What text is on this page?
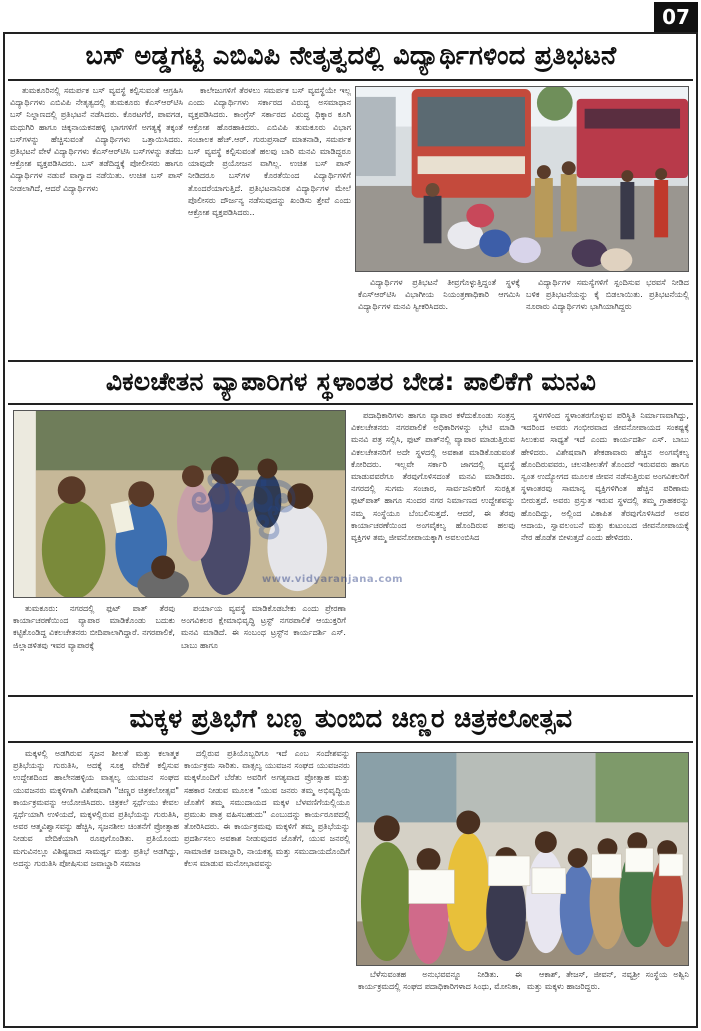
07
ಬಸ್ ಅಡ್ಡಗಟ್ಟಿ ಎಬಿವಿಪಿ ನೇತೃತ್ವದಲ್ಲಿ ವಿದ್ಯಾರ್ಥಿಗಳಿಂದ ಪ್ರತಿಭಟನೆ

ತುಮಕೂರಿನಲ್ಲಿ ಸಮರ್ಪಕ ಬಸ್ ವ್ಯವಸ್ಥೆ ಕಲ್ಪಿಸುವಂತೆ ಆಗ್ರಹಿಸಿ ವಿದ್ಯಾರ್ಥಿಗಳು ಎಬಿವಿಪಿ ನೇತೃತ್ವದಲ್ಲಿ ತುಮಕೂರು ಕೆಎಸ್‌ಆರ್‌ಟಿಸಿ ಬಸ್ ನಿಲ್ದಾಣದಲ್ಲಿ ಪ್ರತಿಭಟನೆ ನಡೆಸಿದರು. ಕೊರಟಗೆರೆ, ಪಾವಗಡ, ಮಧುಗಿರಿ ಹಾಗೂ ಚಿಕ್ಕನಾಯಕನಹಳ್ಳಿ ಭಾಗಗಳಿಗೆ ಅಗತ್ಯಕ್ಕೆ ತಕ್ಕಂತೆ ಬಸ್‌ಗಳನ್ನು ಹೆಚ್ಚಿಸುವಂತೆ ವಿದ್ಯಾರ್ಥಿಗಳು ಒತ್ತಾಯಿಸಿದರು. ಪ್ರತಿಭಟನೆ ವೇಳೆ ವಿದ್ಯಾರ್ಥಿಗಳು ಕೆಎಸ್‌ಆರ್‌ಟಿಸಿ ಬಸ್‌ಗಳನ್ನು ತಡೆದು ಆಕ್ರೋಶ ವ್ಯಕ್ತಪಡಿಸಿದರು. ಬಸ್ ತಡೆದಿದ್ದಕ್ಕೆ ಪೋಲೀಸರು ಹಾಗೂ ವಿದ್ಯಾರ್ಥಿಗಳ ನಡುವೆ ವಾಗ್ವಾದ ನಡೆಯಿತು. ಉಚಿತ ಬಸ್ ಪಾಸ್ ನೀಡಲಾಗಿದೆ, ಆದರೆ ವಿದ್ಯಾರ್ಥಿಗಳು

ಕಾಲೇಜುಗಳಿಗೆ ತೆರಳಲು ಸಮರ್ಪಕ ಬಸ್ ವ್ಯವಸ್ಥೆಯೇ ಇಲ್ಲ ಎಂದು ವಿದ್ಯಾರ್ಥಿಗಳು ಸರ್ಕಾರದ ವಿರುದ್ಧ ಅಸಮಾಧಾನ ವ್ಯಕ್ತಪಡಿಸಿದರು. ಕಾಂಗ್ರೆಸ್ ಸರ್ಕಾರದ ವಿರುದ್ಧ ಧಿಕ್ಕಾರ ಕೂಗಿ ಆಕ್ರೋಶ ಹೊರಹಾಕಿದರು. ಎಬಿವಿಪಿ ತುಮಕೂರು ವಿಭಾಗ ಸಂಚಾಲಕ ಹೆಚ್.ಆರ್. ಗುರುಪ್ರಸಾದ್ ಮಾತನಾಡಿ, ಸಮರ್ಪಕ ಬಸ್ ವ್ಯವಸ್ಥೆ ಕಲ್ಪಿಸುವಂತೆ ಹಲವು ಬಾರಿ ಮನವಿ ಮಾಡಿದ್ದರೂ ಯಾವುದೇ ಪ್ರಯೋಜನ ವಾಗಿಲ್ಲ. ಉಚಿತ ಬಸ್ ಪಾಸ್ ನೀಡಿದರೂ ಬಸ್‌ಗಳ ಕೊರತೆಯಿಂದ ವಿದ್ಯಾರ್ಥಿಗಳಿಗೆ ತೊಂದರೆಯಾಗುತ್ತಿದೆ. ಪ್ರತಿಭಟನಾನಿರತ ವಿದ್ಯಾರ್ಥಿಗಳ ಮೇಲೆ ಪೊಲೀಸರು ದೌರ್ಜನ್ಯ ನಡೆಸುವುದನ್ನು ಖಂಡಿಸು ತ್ತೇವೆ ಎಂದು ಆಕ್ರೋಶ ವ್ಯಕ್ತಪಡಿಸಿದರು..

ವಿದ್ಯಾರ್ಥಿಗಳ ಪ್ರತಿಭಟನೆ ತೀವ್ರಗೊಳ್ಳುತ್ತಿದ್ದಂತೆ ಸ್ಥಳಕ್ಕೆ ಕೆಎಸ್‌ಆರ್‌ಟಿಸಿ ವಿಭಾಗೀಯ ನಿಯಂತ್ರಣಾಧಿಕಾರಿ ಆಗಮಿಸಿ ವಿದ್ಯಾರ್ಥಿಗಳ ಮನವಿ ಸ್ವೀಕರಿಸಿದರು.

ವಿದ್ಯಾರ್ಥಿಗಳ ಸಮಸ್ಯೆಗಳಿಗೆ ಸ್ಪಂದಿಸುವ ಭರವಸೆ ನೀಡಿದ ಬಳಿಕ ಪ್ರತಿಭಟನೆಯನ್ನು ಕೈ ಬಿಡಲಾಯಿತು. ಪ್ರತಿಭಟನೆಯಲ್ಲಿ ನೂರಾರು ವಿದ್ಯಾರ್ಥಿಗಳು ಭಾಗಿಯಾಗಿದ್ದರು

ವಿಕಲಚೇತನ ವ್ಯಾಪಾರಿಗಳ ಸ್ಥಳಾಂತರ ಬೇಡ: ಪಾಲಿಕೆಗೆ ಮನವಿ
ವಿದ್ಯಾ
www.vidyaranjana.com

ತುಮಕೂರು: ನಗರದಲ್ಲಿ ಫುಟ್ ಪಾತ್ ತೆರವು ಕಾರ್ಯಾಚರಣೆಯಿಂದ ವ್ಯಾಪಾರ ಮಾಡಿಕೊಂಡು ಬದುಕು ಕಟ್ಟಿಕೊಂಡಿದ್ದ ವಿಕಲಚೇತನರು ಬೀದಿಪಾಲಾಗಿದ್ದಾರೆ. ನಗರಪಾಲಿಕೆ, ಜಿಲ್ಲಾಡಳಿತವು ಇವರ ವ್ಯಾಪಾರಕ್ಕೆ

ಪರ್ಯಾಯ ವ್ಯವಸ್ಥೆ ಮಾಡಿಕೊಡಬೇಕು ಎಂದು ಪ್ರೇರಣಾ ಅಂಗವಿಕಲರ ಕ್ಷೇಮಾಭಿವೃದ್ಧಿ ಟ್ರಸ್ಟ್ ನಗರಪಾಲಿಕೆ ಆಯುಕ್ತರಿಗೆ ಮನವಿ ಮಾಡಿದೆ. ಈ ಸಂಬಂಧ ಟ್ರಸ್ಟ್‌ನ ಕಾರ್ಯದರ್ಶಿ ಎಸ್. ಬಾಬು ಹಾಗೂ

ಪದಾಧಿಕಾರಿಗಳು ಹಾಗೂ ವ್ಯಾಪಾರ ಕಳೆದುಕೊಂಡು ಸಂತ್ರಸ್ತ ವಿಕಲಚೇತನರು ನಗರಪಾಲಿಕೆ ಅಧಿಕಾರಿಗಳನ್ನು ಭೇಟಿ ಮಾಡಿ ಮನವಿ ಪತ್ರ ಸಲ್ಲಿಸಿ, ಫುಟ್ ಪಾತ್‌ನಲ್ಲಿ ವ್ಯಾಪಾರ ಮಾಡುತ್ತಿರುವ ವಿಕಲಚೇತನರಿಗೆ ಅದೇ ಸ್ಥಳದಲ್ಲಿ ಅವಕಾಶ ಮಾಡಿಕೊಡುವಂತೆ ಕೋರಿದರು. ಇಲ್ಲವೇ ಸರ್ಕಾರಿ ಜಾಗದಲ್ಲಿ ವ್ಯವಸ್ಥೆ ಮಾಡುವವರೆಗೂ ತೆರವುಗೊಳಿಸದಂತೆ ಮನವಿ ಮಾಡಿದರು. ನಗರದಲ್ಲಿ ಸುಗಮ ಸಂಚಾರ, ಸಾರ್ವಜನಿಕರಿಗೆ ಸುರಕ್ಷಿತ ಫುಟ್‌ಪಾತ್ ಹಾಗೂ ಸುಂದರ ನಗರ ನಿರ್ಮಾಣದ ಉದ್ದೇಶವನ್ನು ನಮ್ಮ ಸಂಸ್ಥೆಯೂ ಬೆಂಬಲಿಸುತ್ತದೆ. ಆದರೆ, ಈ ತೆರವು ಕಾರ್ಯಾಚರಣೆಯಿಂದ ಅಂಗವೈಕಲ್ಯ ಹೊಂದಿರುವ ಹಲವು ವ್ಯಕ್ತಿಗಳ ತಮ್ಮ ಜೀವನೋಪಾಯಕ್ಕಾಗಿ ಅವಲಂಬಿಸಿದ

ಸ್ಥಳಗಳಿಂದ ಸ್ಥಳಾಂತರಗೊಳ್ಳುವ ಪರಿಸ್ಥಿತಿ ನಿರ್ಮಾಣವಾಗಿದ್ದು, ಇದರಿಂದ ಅವರು ಗಂಭೀರವಾದ ಜೀವನೋಪಾಯದ ಸಂಕಷ್ಟಕ್ಕೆ ಸಿಲುಕುವ ಸಾಧ್ಯತೆ ಇದೆ ಎಂದು ಕಾರ್ಯದರ್ಶಿ ಎಸ್. ಬಾಬು ಹೇಳಿದರು. ವಿಶೇಷವಾಗಿ ಶೇಕಡಾವಾರು ಹೆಚ್ಚಿನ ಅಂಗವೈಕಲ್ಯ ಹೊಂದಿರುವವರು, ಚಲನಶೀಲತೆಗೆ ತೊಂದರೆ ಇರುವವರು ಹಾಗೂ ಸ್ವಂತ ಉದ್ಯೋಗದ ಮೂಲಕ ಜೀವನ ನಡೆಸುತ್ತಿರುವ ಅಂಗವಿಕಲರಿಗೆ ಸ್ಥಳಾಂತರವು ಸಾಮಾನ್ಯ ವ್ಯಕ್ತಿಗಳಿಗಿಂತ ಹೆಚ್ಚಿನ ಪರಿಣಾಮ ಬೀರುತ್ತದೆ. ಅವರು ಪ್ರಸ್ತುತ ಇರುವ ಸ್ಥಳದಲ್ಲಿ ತಮ್ಮ ಗ್ರಾಹಕರನ್ನು ಹೊಂದಿದ್ದು, ಅಲ್ಲಿಂದ ವಿಕಾಪಿತ ತೆರವುಗೊಳಿಸಿದರೆ ಅವರ ಆದಾಯ, ಸ್ವಾವಲಂಬನೆ ಮತ್ತು ಕುಟುಂಬದ ಜೀವನೋಪಾಯಕ್ಕೆ ನೇರ ಹೊಡೆತ ಬೀಳುತ್ತದೆ ಎಂದು ಹೇಳಿದರು.

ಮಕ್ಕಳ ಪ್ರತಿಭೆಗೆ ಬಣ್ಣ ತುಂಬಿದ ಚಿಣ್ಣರ ಚಿತ್ರಕಲೋತ್ಸವ

ಮಕ್ಕಳಲ್ಲಿ ಅಡಗಿರುವ ಸೃಜನ ಶೀಲತೆ ಮತ್ತು ಕಲಾತ್ಮಕ ಪ್ರತಿಭೆಯನ್ನು ಗುರುತಿಸಿ, ಅದಕ್ಕೆ ಸೂಕ್ತ ವೇದಿಕೆ ಕಲ್ಪಿಸುವ ಉದ್ದೇಶದಿಂದ ಹಾಲೇನಹಳ್ಳಿಯ ವಾತ್ಸಲ್ಯ ಯುವಜನ ಸಂಘದ ಯುವಜನರು ಮಕ್ಕಳಿಗಾಗಿ ವಿಶೇಷವಾಗಿ "ಚಿಣ್ಣರ ಚಿತ್ರಕಲೋತ್ಸವ" ಕಾರ್ಯಕ್ರಮವನ್ನು ಆಯೋಜಿಸಿದರು. ಚಿತ್ರಕಲೆ ಸ್ಪರ್ಧೆಯು ಕೇವಲ ಸ್ಪರ್ಧೆಯಾಗಿ ಉಳಿಯದೆ, ಮಕ್ಕಳಲ್ಲಿರುವ ಪ್ರತಿಭೆಯನ್ನು ಗುರುತಿಸಿ, ಅವರ ಆತ್ಮವಿಶ್ವಾಸವನ್ನು ಹೆಚ್ಚಿಸಿ, ಸೃಜನಶೀಲ ಚಿಂತನೆಗೆ ಪ್ರೋತ್ಸಾಹ ನೀಡುವ ವೇದಿಕೆಯಾಗಿ ರೂಪುಗೊಂಡಿತು. ಪ್ರತಿಯೊಂದು ಮಗುವಿನಲ್ಲೂ ವಿಶಿಷ್ಟವಾದ ಸಾಮರ್ಥ್ಯ ಮತ್ತು ಪ್ರತಿಭೆ ಅಡಗಿದ್ದು, ಅದನ್ನು ಗುರುತಿಸಿ ಪೋಷಿಸುವ ಜವಾಬ್ದಾರಿ ಸಮಾಜ

ದಲ್ಲಿರುವ ಪ್ರತಿಯೊಬ್ಬರಿಗೂ ಇದೆ ಎಂಬ ಸಂದೇಶವನ್ನು ಕಾರ್ಯಕ್ರಮ ಸಾರಿತು. ವಾತ್ಸಲ್ಯ ಯುವಜನ ಸಂಘದ ಯುವಜನರು ಮಕ್ಕಳೊಂದಿಗೆ ಬೆರೆತು ಅವರಿಗೆ ಅಗತ್ಯವಾದ ಪ್ರೋತ್ಸಾಹ ಮತ್ತು ಸಹಕಾರ ನೀಡುವ ಮೂಲಕ "ಯುವ ಜನರು ತಮ್ಮ ಅಭಿವೃದ್ಧಿಯ ಜೊತೆಗೆ ತಮ್ಮ ಸಮುದಾಯದ ಮಕ್ಕಳ ಬೆಳವಣಿಗೆಯಲ್ಲಿಯೂ ಪ್ರಮುಖ ಪಾತ್ರ ವಹಿಸಬಹುದು" ಎಂಬುದನ್ನು ಕಾರ್ಯರೂಪದಲ್ಲಿ ತೋರಿಸಿದರು. ಈ ಕಾರ್ಯಕ್ರಮವು ಮಕ್ಕಳಿಗೆ ತಮ್ಮ ಪ್ರತಿಭೆಯನ್ನು ಪ್ರದರ್ಶಿಸಲು ಅವಕಾಶ ನೀಡುವುದರ ಜೊತೆಗೆ, ಯುವ ಜನರಲ್ಲಿ ಸಾಮಾಜಿಕ ಜವಾಬ್ದಾರಿ, ನಾಯಕತ್ವ ಮತ್ತು ಸಮುದಾಯದೊಂದಿಗೆ ಕೆಲಸ ಮಾಡುವ ಮನೋಭಾವವನ್ನು

ಬೆಳೆಸುವಂತಹ ಅನುಭವವನ್ನೂ ನೀಡಿತು. ಈ ಕಾರ್ಯಕ್ರಮದಲ್ಲಿ ಸಂಘದ ಪದಾಧಿಕಾರಿಗಳಾದ ಸಿಂಧು, ಮೋನಿಕಾ,

ಆಕಾಶ್, ತೇಜಸ್, ಜೀವನ್, ನವ್ಯಶ್ರೀ ಸಂಸ್ಥೆಯ ಅಶ್ವಿನಿ ಮತ್ತು ಮಕ್ಕಳು ಹಾಜರಿದ್ದರು.
